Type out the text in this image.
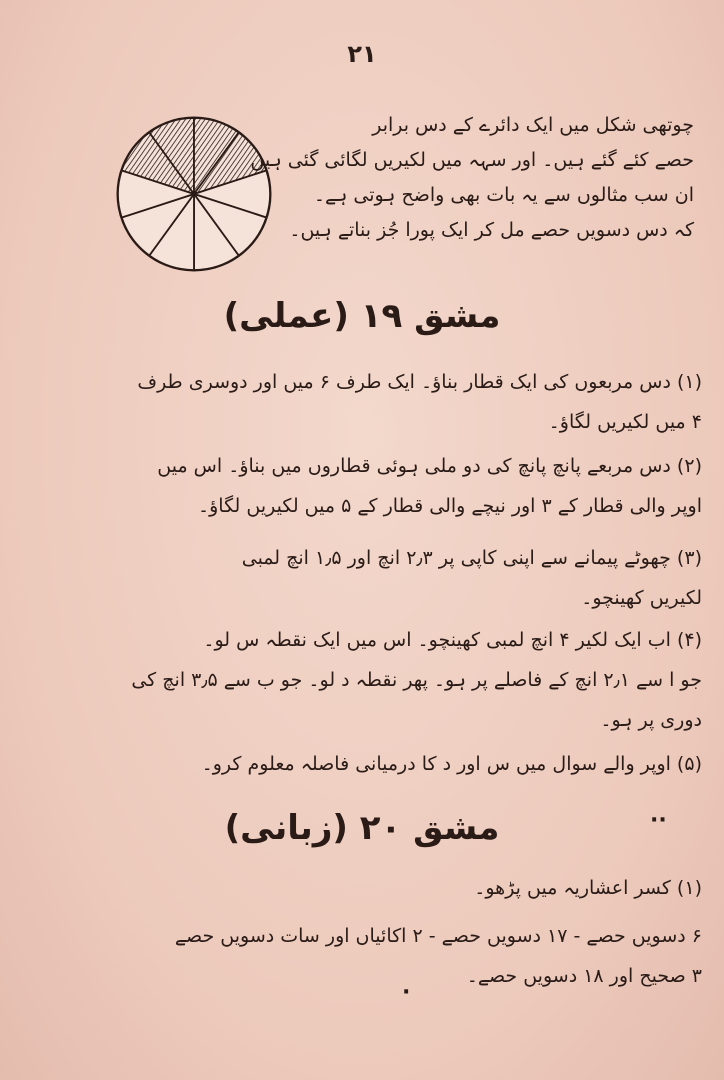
۲۱
چوتھی شکل میں ایک دائرے کے دس برابر
حصے کئے گئے ہیں۔ اور سہہ میں لکیریں لگائی گئی ہیں
ان سب مثالوں سے یہ بات بھی واضح ہوتی ہے۔
کہ دس دسویں حصے مل کر ایک پورا جُز بناتے ہیں۔
مشق ۱۹ (عملی)
(۱) دس مربعوں کی ایک قطار بناؤ۔ ایک طرف ۶ میں اور دوسری طرف
۴ میں لکیریں لگاؤ۔
(۲) دس مربعے پانچ پانچ کی دو ملی ہوئی قطاروں میں بناؤ۔ اس میں
اوپر والی قطار کے ۳ اور نیچے والی قطار کے ۵ میں لکیریں لگاؤ۔
(۳) چھوٹے پیمانے سے اپنی کاپی پر ۲٫۳ انچ اور ۱٫۵ انچ لمبی
لکیریں کھینچو۔
(۴) اب ایک لکیر ۴ انچ لمبی کھینچو۔ اس میں ایک نقطہ س لو۔
جو ا سے ۲٫۱ انچ کے فاصلے پر ہو۔ پھر نقطہ د لو۔ جو ب سے ۳٫۵ انچ کی
دوری پر ہو۔
(۵) اوپر والے سوال میں س اور د کا درمیانی فاصلہ معلوم کرو۔
مشق ۲۰ (زبانی)	··
(۱) کسر اعشاریہ میں پڑھو۔
۶ دسویں حصے - ۱۷ دسویں حصے - ۲ اکائیاں اور سات دسویں حصے
۳ صحیح اور ۱۸ دسویں حصے۔
·
